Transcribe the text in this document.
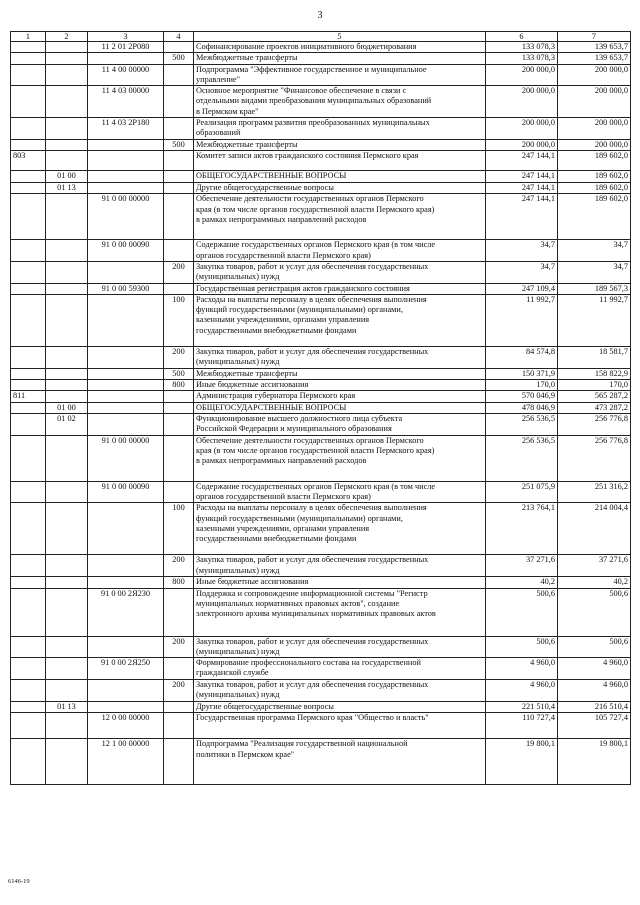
3
1	2	3	4	5	6	7
		11 2 01 2Р080		Софинансирование проектов инициативного бюджетирования	133 078,3	139 653,7
			500	Межбюджетные трансферты	133 078,3	139 653,7
		11 4 00 00000		Подпрограмма "Эффективное государственное и муниципальное
управление"	200 000,0	200 000,0
		11 4 03 00000		Основное мероприятие "Финансовое обеспечение в связи с
отдельными видами преобразования муниципальных образований
в Пермском крае"	200 000,0	200 000,0
		11 4 03 2Р180		Реализация программ развития преобразованных муниципальных
образований	200 000,0	200 000,0
			500	Межбюджетные трансферты	200 000,0	200 000,0
803				Комитет записи актов гражданского состояния Пермского края	247 144,1	189 602,0
	01 00			ОБЩЕГОСУДАРСТВЕННЫЕ ВОПРОСЫ	247 144,1	189 602,0
	01 13			Другие общегосударственные вопросы	247 144,1	189 602,0
		91 0 00 00000		Обеспечение деятельности государственных органов Пермского
края (в том числе органов государственной власти Пермского края)
в рамках непрограммных направлений расходов	247 144,1	189 602,0
		91 0 00 00090		Содержание государственных органов Пермского края (в том числе
органов государственной власти Пермского края)	34,7	34,7
			200	Закупка товаров, работ и услуг для обеспечения государственных
(муниципальных) нужд	34,7	34,7
		91 0 00 59300		Государственная регистрация актов гражданского состояния	247 109,4	189 567,3
			100	Расходы на выплаты персоналу в целях обеспечения выполнения
функций государственными (муниципальными) органами,
казенными учреждениями, органами управления
государственными внебюджетными фондами	11 992,7	11 992,7
			200	Закупка товаров, работ и услуг для обеспечения государственных
(муниципальных) нужд	84 574,8	18 581,7
			500	Межбюджетные трансферты	150 371,9	158 822,9
			800	Иные бюджетные ассигнования	170,0	170,0
811				Администрация губернатора Пермского края	570 046,9	565 287,2
	01 00			ОБЩЕГОСУДАРСТВЕННЫЕ ВОПРОСЫ	478 046,9	473 287,2
	01 02			Функционирование высшего должностного лица субъекта
Российской Федерации и муниципального образования	256 536,5	256 776,8
		91 0 00 00000		Обеспечение деятельности государственных органов Пермского
края (в том числе органов государственной власти Пермского края)
в рамках непрограммных направлений расходов	256 536,5	256 776,8
		91 0 00 00090		Содержание государственных органов Пермского края (в том числе
органов государственной власти Пермского края)	251 075,9	251 316,2
			100	Расходы на выплаты персоналу в целях обеспечения выполнения
функций государственными (муниципальными) органами,
казенными учреждениями, органами управления
государственными внебюджетными фондами	213 764,1	214 004,4
			200	Закупка товаров, работ и услуг для обеспечения государственных
(муниципальных) нужд	37 271,6	37 271,6
			800	Иные бюджетные ассигнования	40,2	40,2
		91 0 00 2Я230		Поддержка и сопровождение информационной системы "Регистр
муниципальных нормативных правовых актов", создание
электронного архива муниципальных нормативных правовых актов	500,6	500,6
			200	Закупка товаров, работ и услуг для обеспечения государственных
(муниципальных) нужд	500,6	500,6
		91 0 00 2Я250		Формирование профессионального состава на государственной
гражданской службе	4 960,0	4 960,0
			200	Закупка товаров, работ и услуг для обеспечения государственных
(муниципальных) нужд	4 960,0	4 960,0
	01 13			Другие общегосударственные вопросы	221 510,4	216 510,4
		12 0 00 00000		Государственная программа Пермского края "Общество и власть"	110 727,4	105 727,4
		12 1 00 00000		Подпрограмма "Реализация государственной национальной
политики в Пермском крае"	19 800,1	19 800,1
6146-19
